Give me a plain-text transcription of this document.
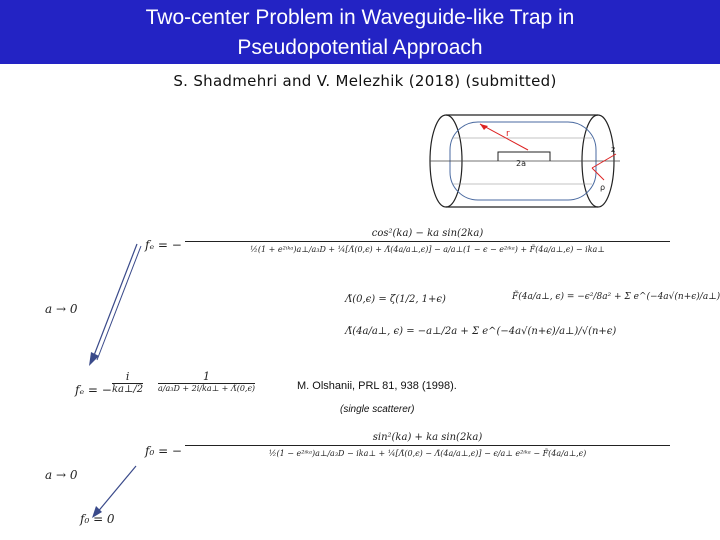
Two-center Problem in Waveguide-like Trap in
Pseudopotential Approach
S. Shadmehri and V. Melezhik (2018) (submitted)
r
2a
z
ρ
fₑ = −
cos²(ka) − ka sin(2ka)
½(1 + e²ⁱᵏᵃ)a⊥/a₃D + ¼[Λ̃(0,ϵ) + Λ̃(4a/a⊥,ϵ)] − a/a⊥(1 − ϵ − e²ⁱᵏᵃ) + F̃(4a/a⊥,ϵ) − ika⊥
a → 0
Λ̃(0,ϵ) = ζ(1/2, 1+ϵ)	F̃(4a/a⊥, ϵ) = −ϵ²/8a² + Σ e^(−4a√(n+ϵ)/a⊥)
Λ̃(4a/a⊥, ϵ) = −a⊥/2a + Σ e^(−4a√(n+ϵ)/a⊥)/√(n+ϵ)
fₑ = −
i
ka⊥/2
1
a/a₃D + 2i/ka⊥ + Λ̃(0,ϵ)	M. Olshanii, PRL 81, 938 (1998).
(single scatterer)
f₀ = −
sin²(ka) + ka sin(2ka)
½(1 − e²ⁱᵏᵃ)a⊥/a₃D − ika⊥ + ¼[Λ̃(0,ϵ) − Λ̃(4a/a⊥,ϵ)] − ϵ/a⊥ e²ⁱᵏᵃ − F̃(4a/a⊥,ϵ)
a → 0
f₀ = 0
